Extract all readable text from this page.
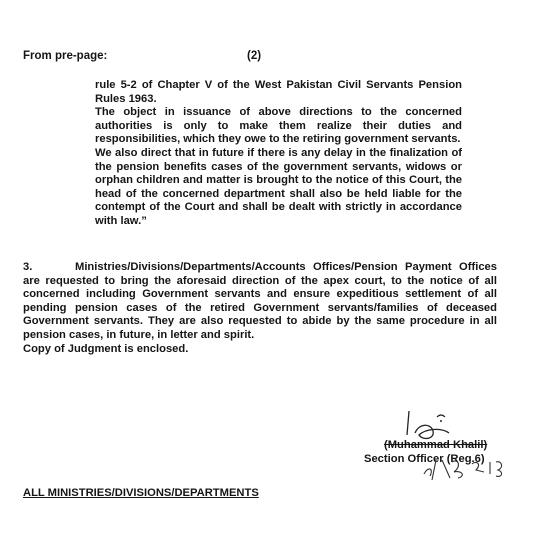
From pre-page:	(2)

rule 5-2 of Chapter V of the West Pakistan Civil Servants Pension Rules 1963.

The object in issuance of above directions to the concerned authorities is only to make them realize their duties and responsibilities, which they owe to the retiring government servants.

We also direct that in future if there is any delay in the finalization of the pension benefits cases of the government servants, widows or orphan children and matter is brought to the notice of this Court, the head of the concerned department shall also be held liable for the contempt of the Court and shall be dealt with strictly in accordance with law.”

3.	Ministries/Divisions/Departments/Accounts Offices/Pension Payment Offices are requested to bring the aforesaid direction of the apex court, to the notice of all concerned including Government servants and ensure expeditious settlement of all pending pension cases of the retired Government servants/families of deceased Government servants. They are also requested to abide by the same procedure in all pension cases, in future, in letter and spirit.

Copy of Judgment is enclosed.

(Muhammad Khalil)
Section Officer (Reg.6)
ALL MINISTRIES/DIVISIONS/DEPARTMENTS
